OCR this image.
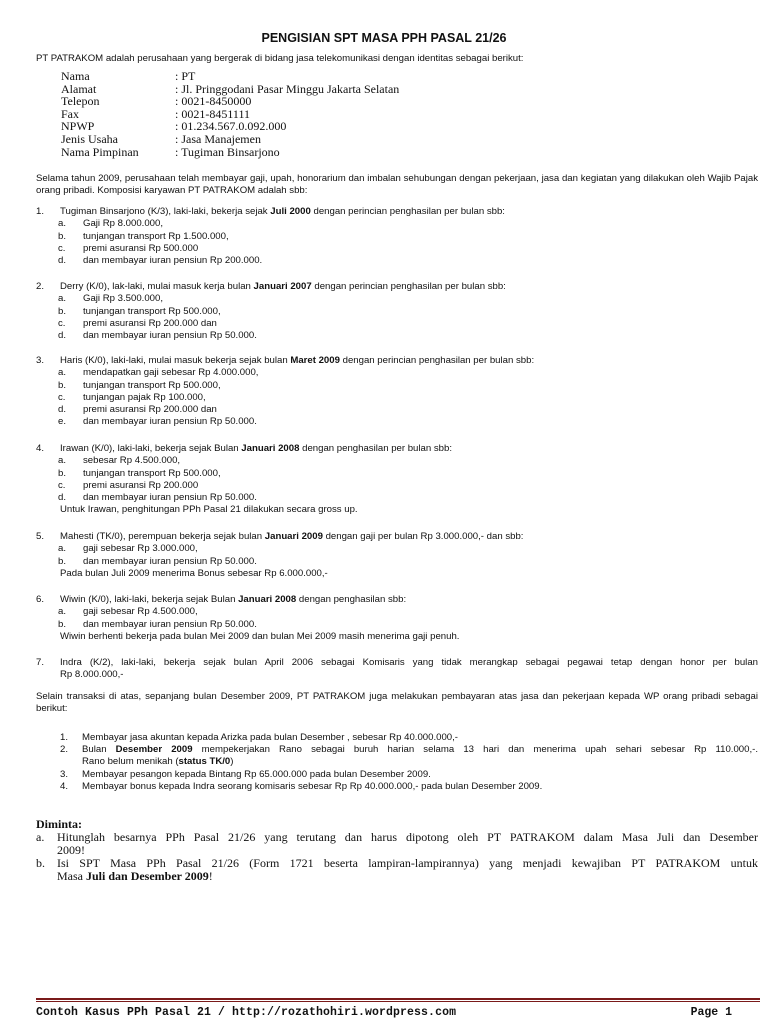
PENGISIAN SPT MASA PPH PASAL 21/26
PT PATRAKOM adalah perusahaan yang bergerak di bidang jasa telekomunikasi dengan identitas sebagai berikut:
Nama	: PT
Alamat	: Jl. Pringgodani Pasar Minggu Jakarta Selatan
Telepon	: 0021-8450000
Fax	: 0021-8451111
NPWP	: 01.234.567.0.092.000
Jenis Usaha	: Jasa Manajemen
Nama Pimpinan	: Tugiman Binsarjono
Selama tahun 2009, perusahaan telah membayar gaji, upah, honorarium dan imbalan sehubungan dengan pekerjaan, jasa dan kegiatan yang dilakukan oleh Wajib Pajak orang pribadi. Komposisi karyawan PT PATRAKOM adalah sbb:
1. Tugiman Binsarjono (K/3), laki-laki, bekerja sejak Juli 2000 dengan perincian penghasilan per bulan sbb:
a. Gaji Rp 8.000.000,
b. tunjangan transport Rp 1.500.000,
c. premi asuransi Rp 500.000
d. dan membayar iuran pensiun Rp 200.000.
2. Derry (K/0), lak-laki, mulai masuk kerja bulan Januari 2007 dengan perincian penghasilan per bulan sbb:
a. Gaji Rp 3.500.000,
b. tunjangan transport Rp 500.000,
c. premi asuransi Rp 200.000 dan
d. dan membayar iuran pensiun Rp 50.000.
3. Haris (K/0), laki-laki, mulai masuk bekerja sejak bulan Maret 2009 dengan perincian penghasilan per bulan sbb:
a. mendapatkan gaji sebesar Rp 4.000.000,
b. tunjangan transport Rp 500.000,
c. tunjangan pajak Rp 100.000,
d. premi asuransi Rp 200.000 dan
e. dan membayar iuran pensiun Rp 50.000.
4. Irawan (K/0), laki-laki, bekerja sejak Bulan Januari 2008 dengan penghasilan per bulan sbb:
a. sebesar Rp 4.500.000,
b. tunjangan transport Rp 500.000,
c. premi asuransi Rp 200.000
d. dan membayar iuran pensiun Rp 50.000.
Untuk Irawan, penghitungan PPh Pasal 21 dilakukan secara gross up.
5. Mahesti (TK/0), perempuan bekerja sejak bulan Januari 2009 dengan gaji per bulan Rp 3.000.000,- dan sbb:
a. gaji sebesar Rp 3.000.000,
b. dan membayar iuran pensiun Rp 50.000.
Pada bulan Juli 2009 menerima Bonus sebesar Rp 6.000.000,-
6. Wiwin (K/0), laki-laki, bekerja sejak Bulan Januari 2008 dengan penghasilan sbb:
a. gaji sebesar Rp 4.500.000,
b. dan membayar iuran pensiun Rp 50.000.
Wiwin berhenti bekerja pada bulan Mei 2009 dan bulan Mei 2009 masih menerima gaji penuh.
7. Indra (K/2), laki-laki, bekerja sejak bulan April 2006 sebagai Komisaris yang tidak merangkap sebagai pegawai tetap dengan honor per bulan
Rp 8.000.000,-
Selain transaksi di atas, sepanjang bulan Desember 2009, PT PATRAKOM juga melakukan pembayaran atas jasa dan pekerjaan kepada WP orang pribadi sebagai berikut:
1. Membayar jasa akuntan kepada Arizka pada bulan Desember , sebesar Rp 40.000.000,-
2. Bulan Desember 2009 mempekerjakan Rano sebagai buruh harian selama 13 hari dan menerima upah sehari sebesar Rp 110.000,-.
Rano belum menikah (status TK/0)
3. Membayar pesangon kepada Bintang Rp 65.000.000 pada bulan Desember 2009.
4. Membayar bonus kepada Indra seorang komisaris sebesar Rp Rp 40.000.000,- pada bulan Desember 2009.
Diminta:
a. Hitunglah besarnya PPh Pasal 21/26 yang terutang dan harus dipotong oleh PT PATRAKOM dalam Masa Juli dan Desember
2009!
b. Isi SPT Masa PPh Pasal 21/26 (Form 1721 beserta lampiran-lampirannya) yang menjadi kewajiban PT PATRAKOM untuk
Masa Juli dan Desember 2009!
Contoh Kasus PPh Pasal 21 / http://rozathohiri.wordpress.com	Page 1
